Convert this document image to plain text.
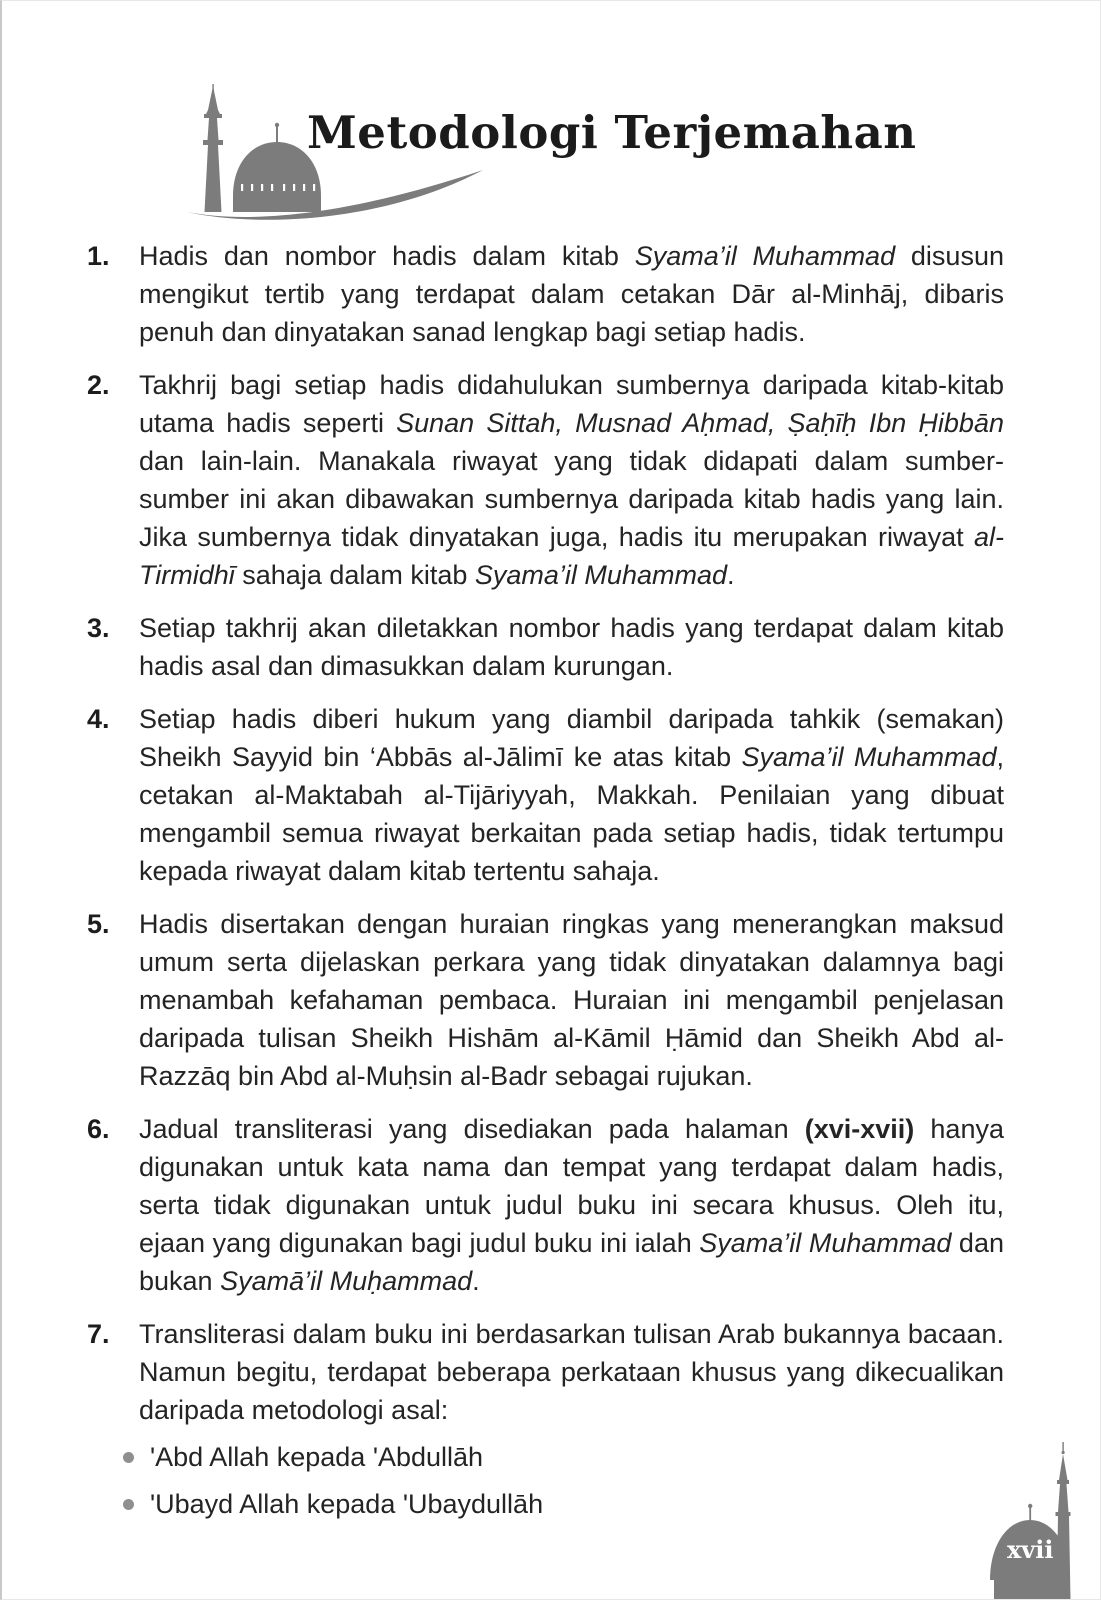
Metodologi Terjemahan
1. Hadis dan nombor hadis dalam kitab Syama’il Muhammad disusun mengikut tertib yang terdapat dalam cetakan Dār al-Minhāj, dibaris penuh dan dinyatakan sanad lengkap bagi setiap hadis.
2. Takhrij bagi setiap hadis didahulukan sumbernya daripada kitab-kitab utama hadis seperti Sunan Sittah, Musnad Aḥmad, Ṣaḥīḥ Ibn Ḥibbān dan lain-lain. Manakala riwayat yang tidak didapati dalam sumber-sumber ini akan dibawakan sumbernya daripada kitab hadis yang lain. Jika sumbernya tidak dinyatakan juga, hadis itu merupakan riwayat al-Tirmidhī sahaja dalam kitab Syama’il Muhammad.
3. Setiap takhrij akan diletakkan nombor hadis yang terdapat dalam kitab hadis asal dan dimasukkan dalam kurungan.
4. Setiap hadis diberi hukum yang diambil daripada tahkik (semakan) Sheikh Sayyid bin ‘Abbās al-Jālimī ke atas kitab Syama’il Muhammad, cetakan al-Maktabah al-Tijāriyyah, Makkah. Penilaian yang dibuat mengambil semua riwayat berkaitan pada setiap hadis, tidak tertumpu kepada riwayat dalam kitab tertentu sahaja.
5. Hadis disertakan dengan huraian ringkas yang menerangkan maksud umum serta dijelaskan perkara yang tidak dinyatakan dalamnya bagi menambah kefahaman pembaca. Huraian ini mengambil penjelasan daripada tulisan Sheikh Hishām al-Kāmil Ḥāmid dan Sheikh Abd al-Razzāq bin Abd al-Muḥsin al-Badr sebagai rujukan.
6. Jadual transliterasi yang disediakan pada halaman (xvi-xvii) hanya digunakan untuk kata nama dan tempat yang terdapat dalam hadis, serta tidak digunakan untuk judul buku ini secara khusus. Oleh itu, ejaan yang digunakan bagi judul buku ini ialah Syama’il Muhammad dan bukan Syamā’il Muḥammad.
7. Transliterasi dalam buku ini berdasarkan tulisan Arab bukannya bacaan. Namun begitu, terdapat beberapa perkataan khusus yang dikecualikan daripada metodologi asal:
'Abd Allah kepada 'Abdullāh
'Ubayd Allah kepada 'Ubaydullāh
xvii
